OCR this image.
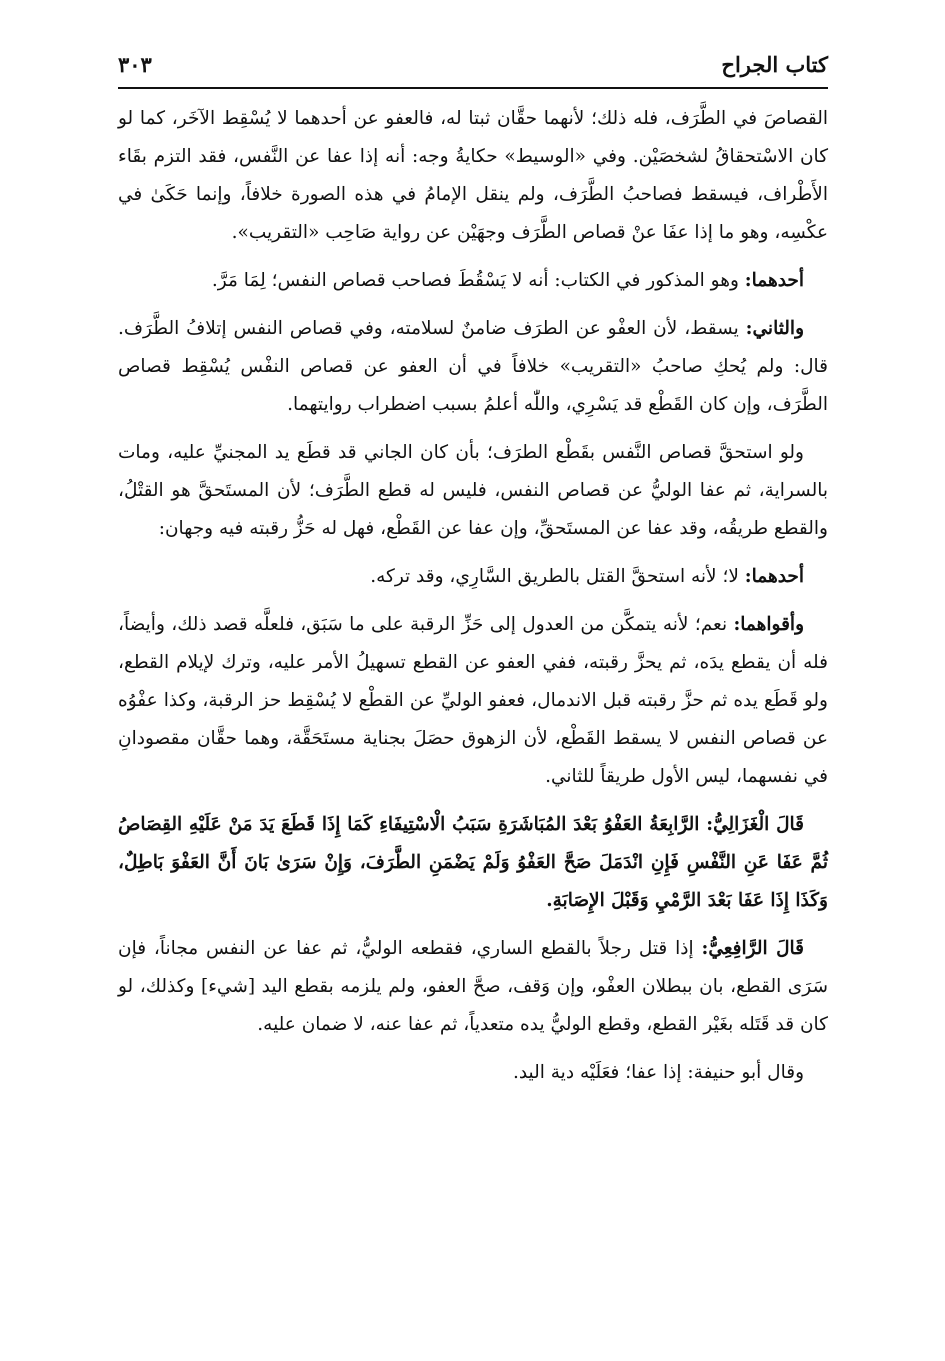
كتاب الجراح
٣٠٣

القصاصَ في الطَّرَف، فله ذلك؛ لأنهما حقَّان ثبتا له، فالعفو عن أحدهما لا يُسْقِط الآخَر، كما لو كان الاسْتحقاقُ لشخصَيْن. وفي «الوسيط» حكايةُ وجه: أنه إذا عفا عن النَّفس، فقد التزم بقَاء الأَطْراف، فيسقط فصاحبُ الطَّرَف، ولم ينقل الإمامُ في هذه الصورة خلافاً، وإنما حَكَىٰ في عكْسِه، وهو ما إذا عفَا عنْ قصاص الطَّرَف وجهَيْن عن رواية صَاحِب «التقريب».

أحدهما: وهو المذكور في الكتاب: أنه لا يَسْقُطَ فصاحب قصاص النفس؛ لِمَا مَرَّ.

والثاني: يسقط، لأن العفْو عن الطرَف ضامنٌ لسلامته، وفي قصاص النفس إتلافُ الطَّرَف. قال: ولم يُحكِ صاحبُ «التقريب» خلافاً في أن العفو عن قصاص النفْس يُسْقِط قصاص الطَّرَف، وإن كان القَطْع قد يَسْرِي، واللّٰه أعلمُ بسبب اضطراب روايتهما.

ولو استحقَّ قصاص النَّفس بقَطْع الطرَف؛ بأن كان الجاني قد قطَع يد المجنيِّ عليه، ومات بالسراية، ثم عفا الوليُّ عن قصاص النفس، فليس له قطع الطَّرَف؛ لأن المستَحقَّ هو القتْلُ، والقطع طريقُه، وقد عفا عن المستَحقِّ، وإن عفا عن القَطْع، فهل له حَزُّ رقبته فيه وجهان:

أحدهما: لا؛ لأنه استحقَّ القتل بالطريق السَّارِي، وقد تركه.

وأقواهما: نعم؛ لأنه يتمكَّن من العدول إلى حَزِّ الرقبة على ما سَبَق، فلعلَّه قصد ذلك، وأيضاً، فله أن يقطع يدَه، ثم يحزَّ رقبته، ففي العفو عن القطع تسهيلُ الأمر عليه، وترك لإيلام القطع، ولو قَطَع يده ثم حزَّ رقبته قبل الاندمال، فعفو الوليِّ عن القطْع لا يُسْقِط حز الرقبة، وكذا عفْوُه عن قصاص النفس لا يسقط القَطْع، لأن الزهوق حصَلَ بجناية مستَحَقَّة، وهما حقَّان مقصودانِ في نفسهما، ليس الأول طريقاً للثاني.

قَالَ الْغَزَالِيُّ: الرَّابِعَةُ العَفْوُ بَعْدَ المُبَاشَرَةِ سَبَبُ الْاسْتِيفَاءِ كَمَا إِذَا قَطَعَ يَدَ مَنْ عَلَيْهِ القِصَاصُ ثُمَّ عَفَا عَنِ النَّفْسِ فَإِنِ انْدَمَلَ صَحَّ العَفْوُ وَلَمْ يَضْمَنِ الطَّرَفَ، وَإِنْ سَرَىٰ بَانَ أَنَّ العَفْوَ بَاطِلٌ، وَكَذَا إِذَا عَفَا بَعْدَ الرَّمْيِ وَقَبْلَ الإِصَابَةِ.

قَالَ الرَّافِعِيُّ: إذا قتل رجلاً بالقطع الساري، فقطعه الوليُّ، ثم عفا عن النفس مجاناً، فإن سَرَى القطع، بان ببطلان العفْو، وإن وَقف، صحَّ العفو، ولم يلزمه بقطع اليد [شيء] وكذلك، لو كان قد قَتَله بغَيْر القطع، وقطع الوليُّ يده متعدياً، ثم عفا عنه، لا ضمان عليه.

وقال أبو حنيفة: إذا عفا؛ فعَلَيْه دية اليد.
